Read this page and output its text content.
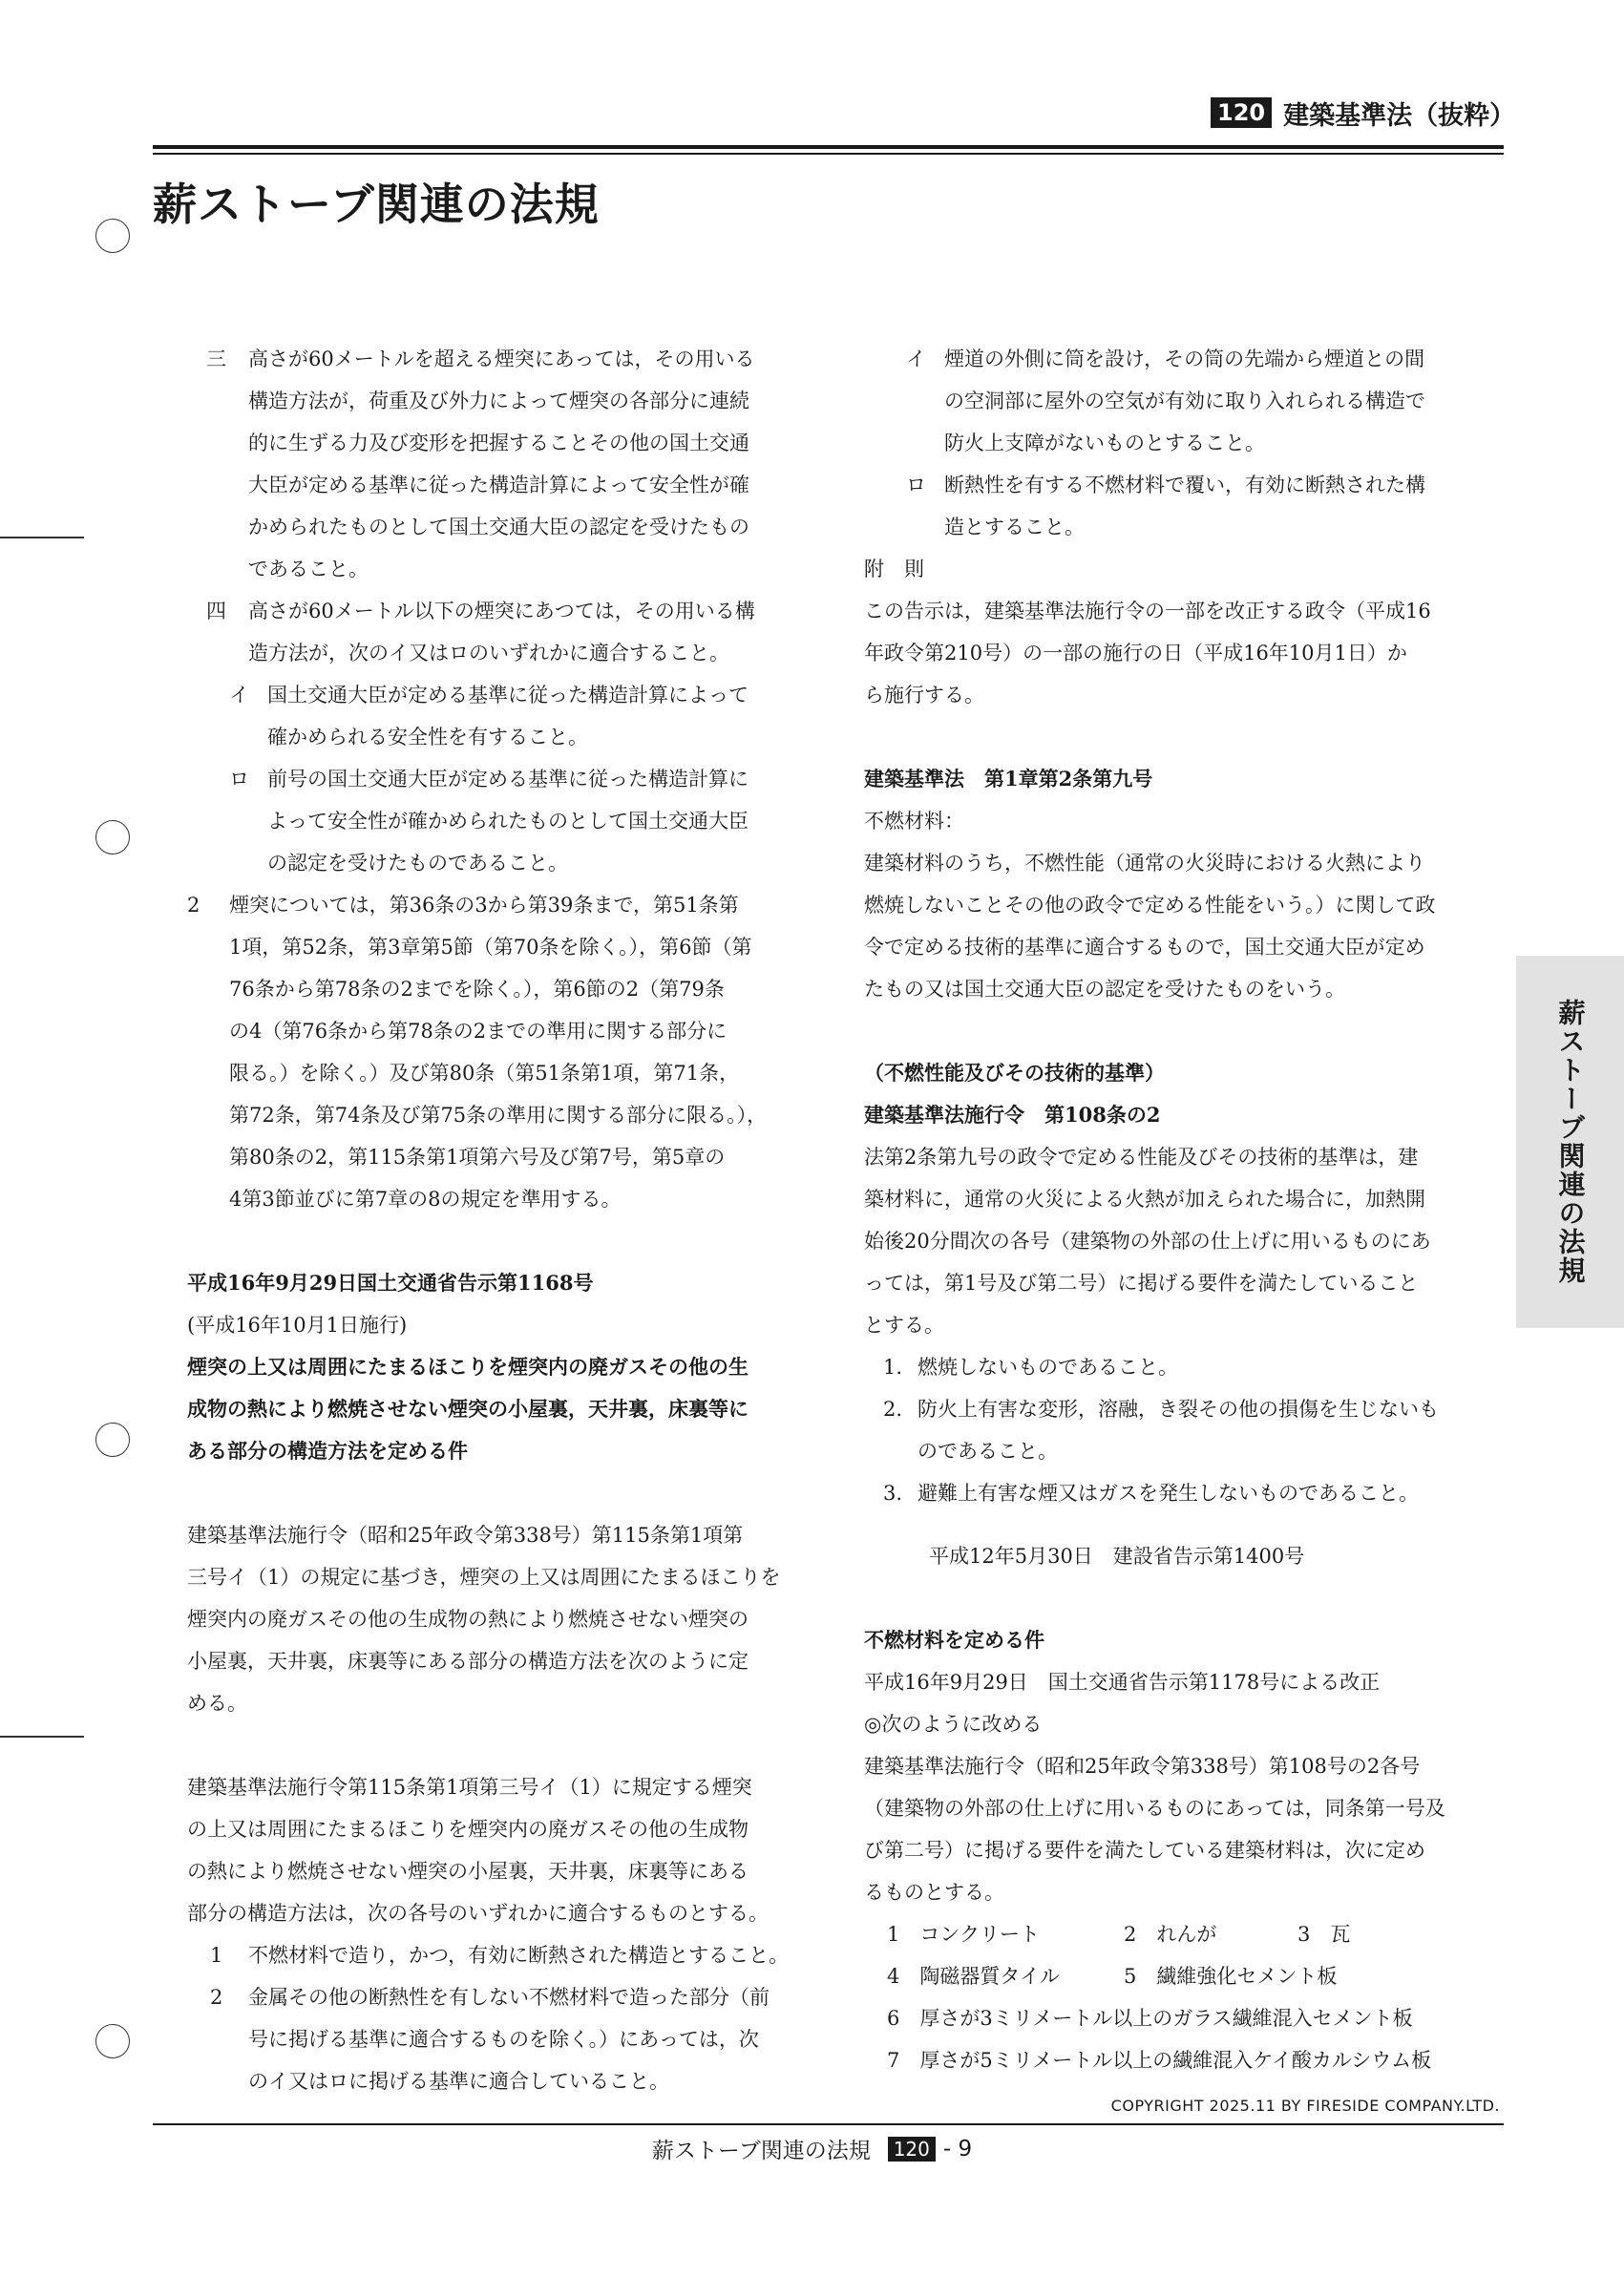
120 建築基準法（抜粋）
薪ストーブ関連の法規
薪ストーブ関連の法規
三	高さが60メートルを超える煙突にあっては，その用いる
構造方法が，荷重及び外力によって煙突の各部分に連続
的に生ずる力及び変形を把握することその他の国土交通
大臣が定める基準に従った構造計算によって安全性が確
かめられたものとして国土交通大臣の認定を受けたもの
であること。
四	高さが60メートル以下の煙突にあつては，その用いる構
造方法が，次のイ又はロのいずれかに適合すること。
イ 国土交通大臣が定める基準に従った構造計算によって
確かめられる安全性を有すること。
ロ 前号の国土交通大臣が定める基準に従った構造計算に
よって安全性が確かめられたものとして国土交通大臣
の認定を受けたものであること。
2	煙突については，第36条の3から第39条まで，第51条第
1項，第52条，第3章第5節（第70条を除く。），第6節（第
76条から第78条の2までを除く。），第6節の2（第79条
の4（第76条から第78条の2までの準用に関する部分に
限る。）を除く。）及び第80条（第51条第1項，第71条，
第72条，第74条及び第75条の準用に関する部分に限る。），
第80条の2，第115条第1項第六号及び第7号，第5章の
4第3節並びに第7章の8の規定を準用する。
平成16年9月29日国土交通省告示第1168号
(平成16年10月1日施行)
煙突の上又は周囲にたまるほこりを煙突内の廃ガスその他の生
成物の熱により燃焼させない煙突の小屋裏，天井裏，床裏等に
ある部分の構造方法を定める件
建築基準法施行令（昭和25年政令第338号）第115条第1項第
三号イ（1）の規定に基づき，煙突の上又は周囲にたまるほこりを
煙突内の廃ガスその他の生成物の熱により燃焼させない煙突の
小屋裏，天井裏，床裏等にある部分の構造方法を次のように定
める。
建築基準法施行令第115条第1項第三号イ（1）に規定する煙突
の上又は周囲にたまるほこりを煙突内の廃ガスその他の生成物
の熱により燃焼させない煙突の小屋裏，天井裏，床裏等にある
部分の構造方法は，次の各号のいずれかに適合するものとする。
1	不燃材料で造り，かつ，有効に断熱された構造とすること。
2	金属その他の断熱性を有しない不燃材料で造った部分（前
号に掲げる基準に適合するものを除く。）にあっては，次
のイ又はロに掲げる基準に適合していること。
イ 煙道の外側に筒を設け，その筒の先端から煙道との間
の空洞部に屋外の空気が有効に取り入れられる構造で
防火上支障がないものとすること。
ロ 断熱性を有する不燃材料で覆い，有効に断熱された構
造とすること。
附　則
この告示は，建築基準法施行令の一部を改正する政令（平成16
年政令第210号）の一部の施行の日（平成16年10月1日）か
ら施行する。
建築基準法　第1章第2条第九号
不燃材料：
建築材料のうち，不燃性能（通常の火災時における火熱により
燃焼しないことその他の政令で定める性能をいう。）に関して政
令で定める技術的基準に適合するもので，国土交通大臣が定め
たもの又は国土交通大臣の認定を受けたものをいう。
（不燃性能及びその技術的基準）
建築基準法施行令　第108条の2
法第2条第九号の政令で定める性能及びその技術的基準は，建
築材料に，通常の火災による火熱が加えられた場合に，加熱開
始後20分間次の各号（建築物の外部の仕上げに用いるものにあ
っては，第1号及び第二号）に掲げる要件を満たしていること
とする。
1. 燃焼しないものであること。
2. 防火上有害な変形，溶融，き裂その他の損傷を生じないも
のであること。
3. 避難上有害な煙又はガスを発生しないものであること。
平成12年5月30日　建設省告示第1400号
不燃材料を定める件
平成16年9月29日　国土交通省告示第1178号による改正
◎次のように改める
建築基準法施行令（昭和25年政令第338号）第108号の2各号
（建築物の外部の仕上げに用いるものにあっては，同条第一号及
び第二号）に掲げる要件を満たしている建築材料は，次に定め
るものとする。
1　コンクリート	2　れんが	3　瓦
4　陶磁器質タイル	5　繊維強化セメント板
6　厚さが3ミリメートル以上のガラス繊維混入セメント板
7　厚さが5ミリメートル以上の繊維混入ケイ酸カルシウム板
COPYRIGHT 2025.11 BY FIRESIDE COMPANY.LTD.
薪ストーブ関連の法規	120 - 9
